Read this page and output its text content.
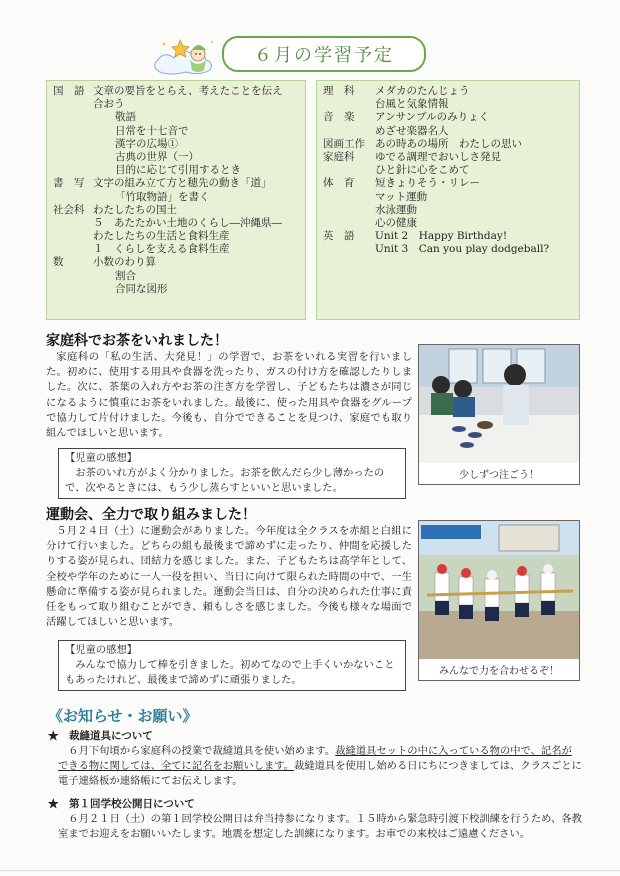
６月の学習予定
国　語 文章の要旨をとらえ、考えたことを伝え
合おう
敬語
日常を十七音で
漢字の広場①
古典の世界（一）
目的に応じて引用するとき
書　写 文字の組み立て方と穂先の動き「道」
「竹取物語」を書く
社会科 わたしたちの国土
５　あたたかい土地のくらし―沖縄県―
わたしたちの生活と食料生産
１　くらしを支える食料生産
数	小数のわり算
割合
合同な図形
理　科	メダカのたんじょう
台風と気象情報
音　楽	アンサンブルのみりょく
めざせ楽器名人
図画工作 あの時あの場所　わたしの思い
家庭科	ゆでる調理でおいしさ発見
ひと針に心をこめて
体　育	短きょりそう・リレー
マット運動
水泳運動
心の健康
英　語	Unit 2　Happy Birthday!
Unit 3　Can you play dodgeball?
家庭科でお茶をいれました！
家庭科の「私の生活、大発見！」の学習で、お茶をいれる実習を行いました。初めに、使用する用具や食器を洗ったり、ガスの付け方を確認したりしました。次に、茶葉の入れ方やお茶の注ぎ方を学習し、子どもたちは濃さが同じになるように慎重にお茶をいれました。最後に、使った用具や食器をグループで協力して片付けました。今後も、自分でできることを見つけ、家庭でも取り組んでほしいと思います。
【児童の感想】
お茶のいれ方がよく分かりました。お茶を飲んだら少し薄かったので、次やるときには、もう少し蒸らすといいと思いました。
少しずつ注ごう！
運動会、全力で取り組みました！
５月２４日（土）に運動会がありました。今年度は全クラスを赤組と白組に分けて行いました。どちらの組も最後まで諦めずに走ったり、仲間を応援したりする姿が見られ、団結力を感じました。また、子どもたちは高学年として、全校や学年のために一人一役を担い、当日に向けて限られた時間の中で、一生懸命に準備する姿が見られました。運動会当日は、自分の決められた仕事に責任をもって取り組むことができ、頼もしさを感じました。今後も様々な場面で活躍してほしいと思います。
【児童の感想】
みんなで協力して棒を引きました。初めてなので上手くいかないこともあったけれど、最後まで諦めずに頑張りました。
みんなで力を合わせるぞ！
《お知らせ・お願い》
★　裁縫道具について
６月下旬頃から家庭科の授業で裁縫道具を使い始めます。裁縫道具セットの中に入っている物の中で、記名ができる物に関しては、全てに記名をお願いします。裁縫道具を使用し始める日にちにつきましては、クラスごとに電子連絡板か連絡帳にてお伝えします。
★　第１回学校公開日について
６月２１日（土）の第１回学校公開日は弁当持参になります。１５時から緊急時引渡下校訓練を行うため、各教室までお迎えをお願いいたします。地震を想定した訓練になります。お車での来校はご遠慮ください。
